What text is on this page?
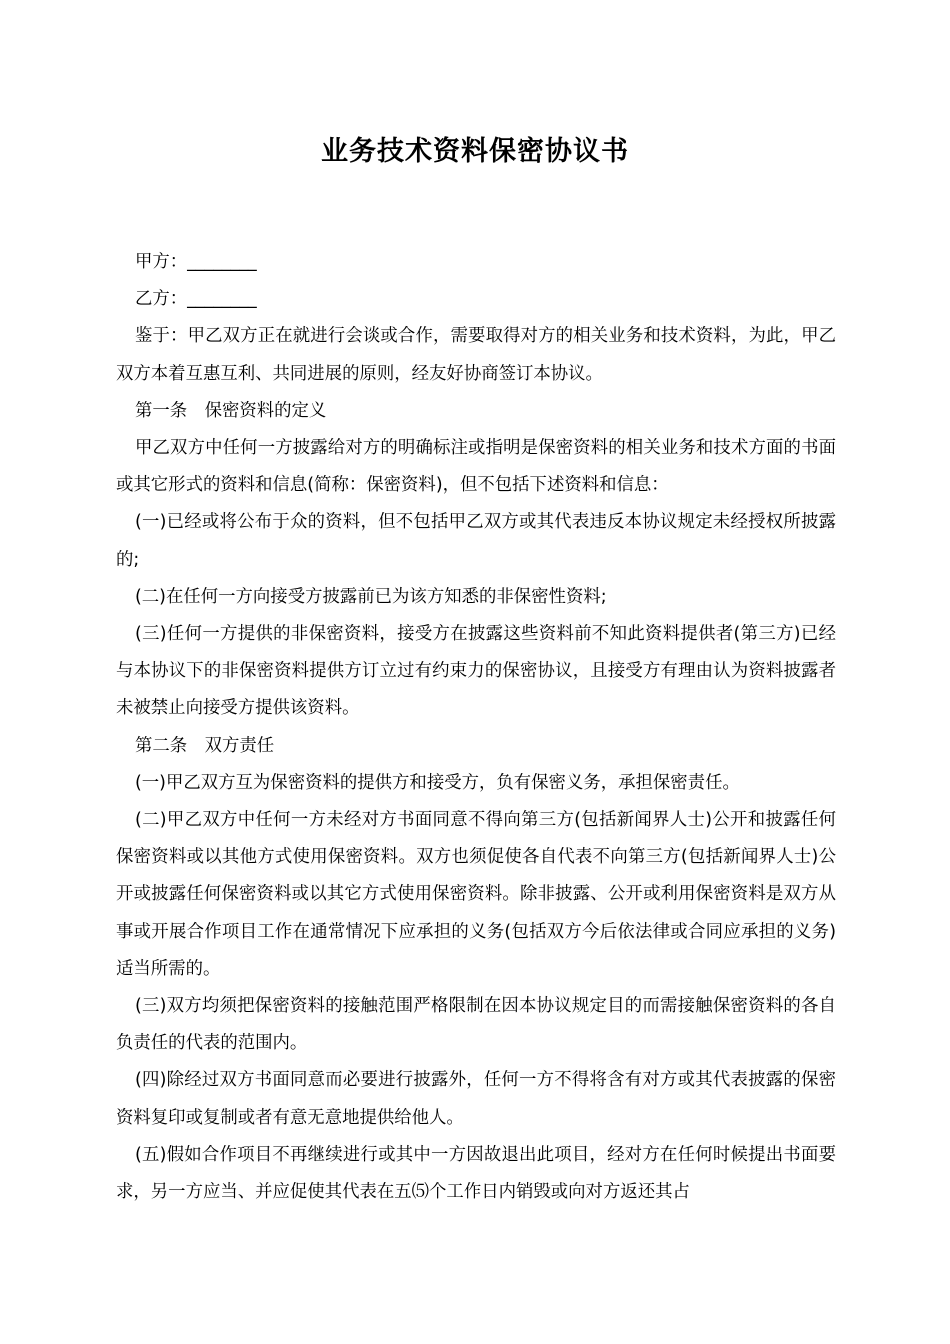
业务技术资料保密协议书

甲方：________

乙方：________

鉴于：甲乙双方正在就进行会谈或合作，需要取得对方的相关业务和技术资料，为此，甲乙双方本着互惠互利、共同进展的原则，经友好协商签订本协议。

第一条　保密资料的定义

甲乙双方中任何一方披露给对方的明确标注或指明是保密资料的相关业务和技术方面的书面或其它形式的资料和信息(简称：保密资料)，但不包括下述资料和信息：

(一)已经或将公布于众的资料，但不包括甲乙双方或其代表违反本协议规定未经授权所披露的;

(二)在任何一方向接受方披露前已为该方知悉的非保密性资料;

(三)任何一方提供的非保密资料，接受方在披露这些资料前不知此资料提供者(第三方)已经与本协议下的非保密资料提供方订立过有约束力的保密协议，且接受方有理由认为资料披露者未被禁止向接受方提供该资料。

第二条　双方责任

(一)甲乙双方互为保密资料的提供方和接受方，负有保密义务，承担保密责任。

(二)甲乙双方中任何一方未经对方书面同意不得向第三方(包括新闻界人士)公开和披露任何保密资料或以其他方式使用保密资料。双方也须促使各自代表不向第三方(包括新闻界人士)公开或披露任何保密资料或以其它方式使用保密资料。除非披露、公开或利用保密资料是双方从事或开展合作项目工作在通常情况下应承担的义务(包括双方今后依法律或合同应承担的义务)适当所需的。

(三)双方均须把保密资料的接触范围严格限制在因本协议规定目的而需接触保密资料的各自负责任的代表的范围内。

(四)除经过双方书面同意而必要进行披露外，任何一方不得将含有对方或其代表披露的保密资料复印或复制或者有意无意地提供给他人。

(五)假如合作项目不再继续进行或其中一方因故退出此项目，经对方在任何时候提出书面要求，另一方应当、并应促使其代表在五⑸个工作日内销毁或向对方返还其占
